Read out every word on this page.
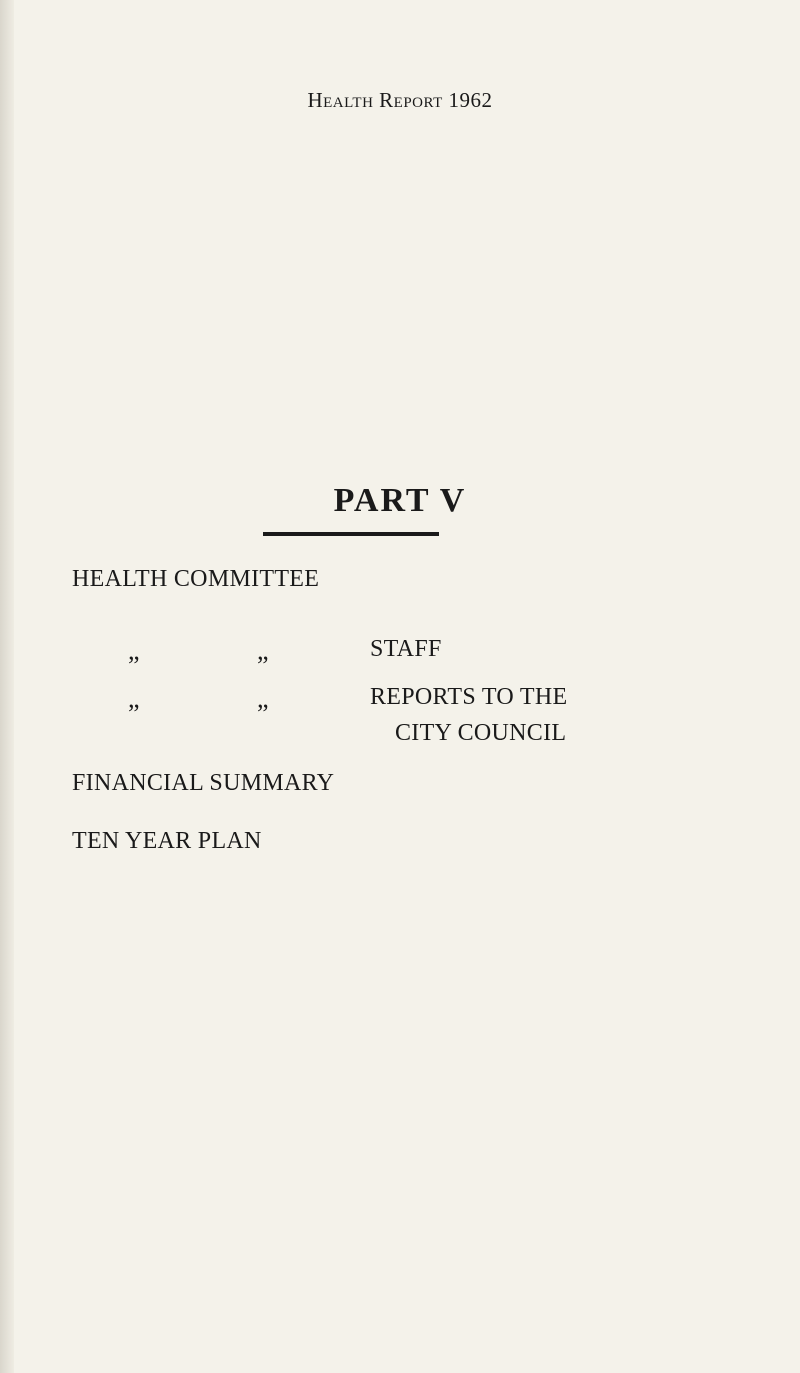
Health Report 1962
PART V
HEALTH COMMITTEE
„	„	STAFF
„	„	REPORTS TO THE
CITY COUNCIL
FINANCIAL SUMMARY
TEN YEAR PLAN
